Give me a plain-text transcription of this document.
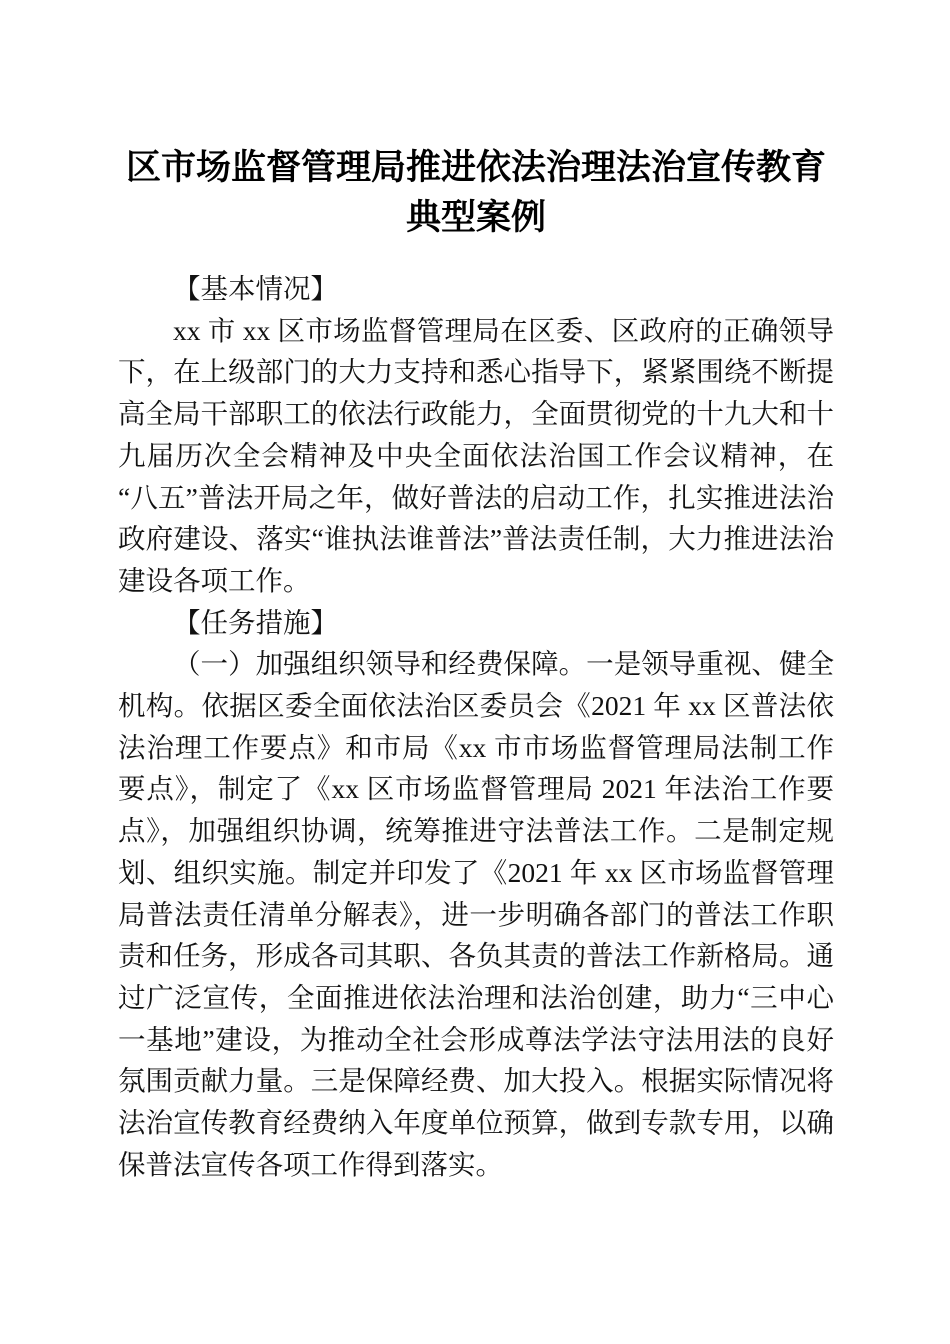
区市场监督管理局推进依法治理法治宣传教育典型案例

【基本情况】

xx 市 xx 区市场监督管理局在区委、区政府的正确领导下，在上级部门的大力支持和悉心指导下，紧紧围绕不断提高全局干部职工的依法行政能力，全面贯彻党的十九大和十九届历次全会精神及中央全面依法治国工作会议精神，在“八五”普法开局之年，做好普法的启动工作，扎实推进法治政府建设、落实“谁执法谁普法”普法责任制，大力推进法治建设各项工作。

【任务措施】

（一）加强组织领导和经费保障。一是领导重视、健全机构。依据区委全面依法治区委员会《2021 年 xx 区普法依法治理工作要点》和市局《xx 市市场监督管理局法制工作要点》，制定了《xx 区市场监督管理局 2021 年法治工作要点》，加强组织协调，统筹推进守法普法工作。二是制定规划、组织实施。制定并印发了《2021 年 xx 区市场监督管理局普法责任清单分解表》，进一步明确各部门的普法工作职责和任务，形成各司其职、各负其责的普法工作新格局。通过广泛宣传，全面推进依法治理和法治创建，助力“三中心一基地”建设，为推动全社会形成尊法学法守法用法的良好氛围贡献力量。三是保障经费、加大投入。根据实际情况将法治宣传教育经费纳入年度单位预算，做到专款专用，以确保普法宣传各项工作得到落实。
